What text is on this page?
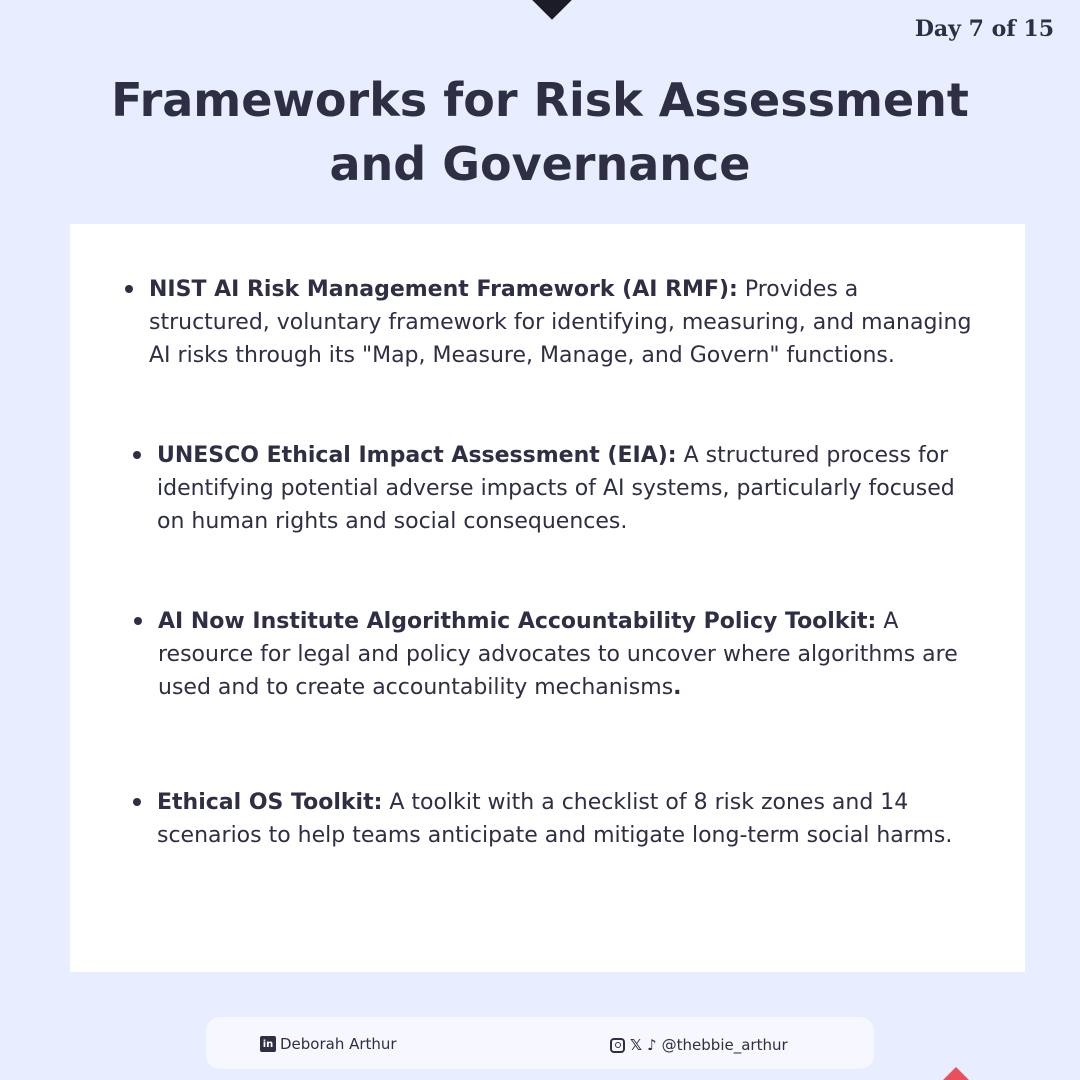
Day 7 of 15
Frameworks for Risk Assessment
and Governance
NIST AI Risk Management Framework (AI RMF): Provides a structured, voluntary framework for identifying, measuring, and managing AI risks through its "Map, Measure, Manage, and Govern" functions.
UNESCO Ethical Impact Assessment (EIA): A structured process for identifying potential adverse impacts of AI systems, particularly focused on human rights and social consequences.
AI Now Institute Algorithmic Accountability Policy Toolkit: A resource for legal and policy advocates to uncover where algorithms are used and to create accountability mechanisms.
Ethical OS Toolkit: A toolkit with a checklist of 8 risk zones and 14 scenarios to help teams anticipate and mitigate long-term social harms.
in Deborah Arthur	𝕏 ♪ @thebbie_arthur
